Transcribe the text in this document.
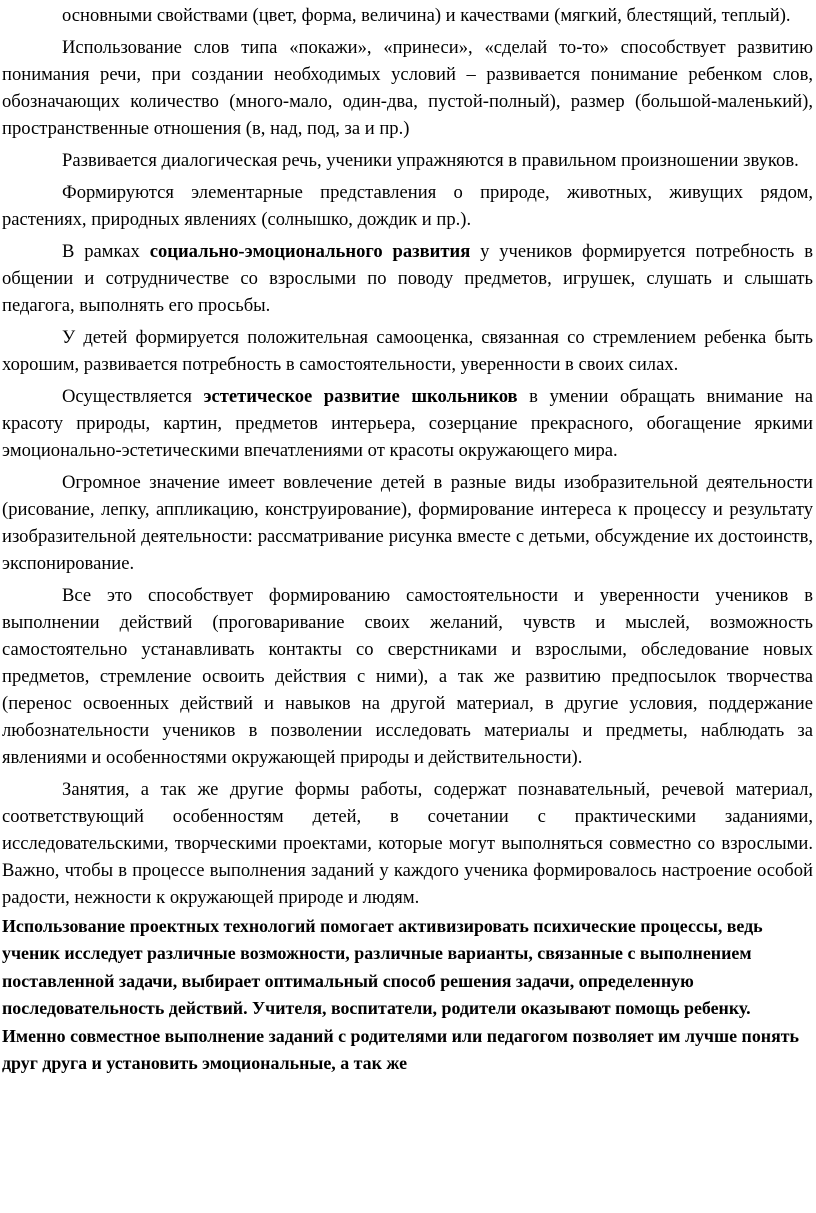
основными свойствами (цвет, форма, величина) и качествами (мягкий, блестящий, теплый).

Использование слов типа «покажи», «принеси», «сделай то-то» способствует развитию понимания речи, при создании необходимых условий – развивается понимание ребенком слов, обозначающих количество (много-мало, один-два, пустой-полный), размер (большой-маленький), пространственные отношения (в, над, под, за и пр.)

Развивается диалогическая речь, ученики упражняются в правильном произношении звуков.

Формируются элементарные представления о природе, животных, живущих рядом, растениях, природных явлениях (солнышко, дождик и пр.).

В рамках социально-эмоционального развития у учеников формируется потребность в общении и сотрудничестве со взрослыми по поводу предметов, игрушек, слушать и слышать педагога, выполнять его просьбы.

У детей формируется положительная самооценка, связанная со стремлением ребенка быть хорошим, развивается потребность в самостоятельности, уверенности в своих силах.

Осуществляется эстетическое развитие школьников в умении обращать внимание на красоту природы, картин, предметов интерьера, созерцание прекрасного, обогащение яркими эмоционально-эстетическими впечатлениями от красоты окружающего мира.

Огромное значение имеет вовлечение детей в разные виды изобразительной деятельности (рисование, лепку, аппликацию, конструирование), формирование интереса к процессу и результату изобразительной деятельности: рассматривание рисунка вместе с детьми, обсуждение их достоинств, экспонирование.

Все это способствует формированию самостоятельности и уверенности учеников в выполнении действий (проговаривание своих желаний, чувств и мыслей, возможность самостоятельно устанавливать контакты со сверстниками и взрослыми, обследование новых предметов, стремление освоить действия с ними), а так же развитию предпосылок творчества (перенос освоенных действий и навыков на другой материал, в другие условия, поддержание любознательности учеников в позволении исследовать материалы и предметы, наблюдать за явлениями и особенностями окружающей природы и действительности).

Занятия, а так же другие формы работы, содержат познавательный, речевой материал, соответствующий особенностям детей, в сочетании с практическими заданиями, исследовательскими, творческими проектами, которые могут выполняться совместно со взрослыми. Важно, чтобы в процессе выполнения заданий у каждого ученика формировалось настроение особой радости, нежности к окружающей природе и людям.

Использование проектных технологий помогает активизировать психические процессы, ведь ученик исследует различные возможности, различные варианты, связанные с выполнением поставленной задачи, выбирает оптимальный способ решения задачи, определенную последовательность действий. Учителя, воспитатели, родители оказывают помощь ребенку. Именно совместное выполнение заданий с родителями или педагогом позволяет им лучше понять друг друга и установить эмоциональные, а так же
